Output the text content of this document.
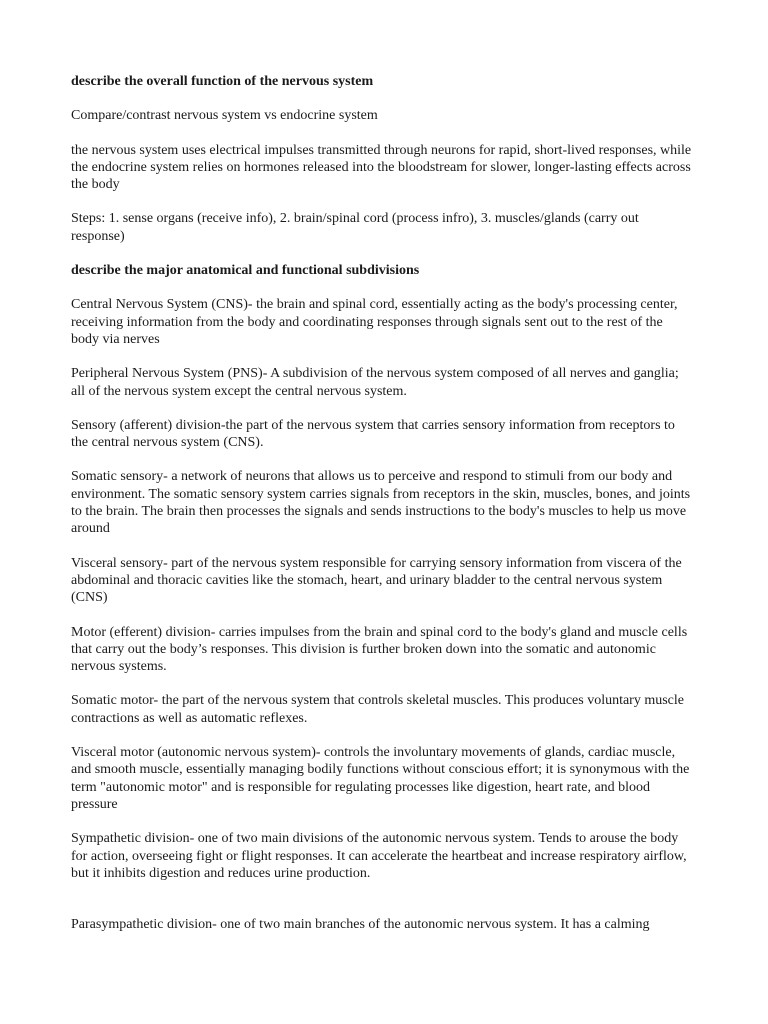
describe the overall function of the nervous system

Compare/contrast nervous system vs endocrine system

the nervous system uses electrical impulses transmitted through neurons for rapid, short-lived responses, while the endocrine system relies on hormones released into the bloodstream for slower, longer-lasting effects across the body

Steps: 1. sense organs (receive info), 2. brain/spinal cord (process infro), 3. muscles/glands (carry out response)

describe the major anatomical and functional subdivisions

Central Nervous System (CNS)- the brain and spinal cord, essentially acting as the body's processing center, receiving information from the body and coordinating responses through signals sent out to the rest of the body via nerves

Peripheral Nervous System (PNS)- A subdivision of the nervous system composed of all nerves and ganglia; all of the nervous system except the central nervous system.

Sensory (afferent) division-the part of the nervous system that carries sensory information from receptors to the central nervous system (CNS).

Somatic sensory- a network of neurons that allows us to perceive and respond to stimuli from our body and environment. The somatic sensory system carries signals from receptors in the skin, muscles, bones, and joints to the brain. The brain then processes the signals and sends instructions to the body's muscles to help us move around

Visceral sensory- part of the nervous system responsible for carrying sensory information from viscera of the abdominal and thoracic cavities like the stomach, heart, and urinary bladder to the central nervous system (CNS)

Motor (efferent) division- carries impulses from the brain and spinal cord to the body's gland and muscle cells that carry out the body’s responses. This division is further broken down into the somatic and autonomic nervous systems.

Somatic motor- the part of the nervous system that controls skeletal muscles. This produces voluntary muscle contractions as well as automatic reflexes.

Visceral motor (autonomic nervous system)- controls the involuntary movements of glands, cardiac muscle, and smooth muscle, essentially managing bodily functions without conscious effort; it is synonymous with the term "autonomic motor" and is responsible for regulating processes like digestion, heart rate, and blood pressure

Sympathetic division- one of two main divisions of the autonomic nervous system. Tends to arouse the body for action, overseeing fight or flight responses. It can accelerate the heartbeat and increase respiratory airflow, but it inhibits digestion and reduces urine production.

Parasympathetic division- one of two main branches of the autonomic nervous system. It has a calming
